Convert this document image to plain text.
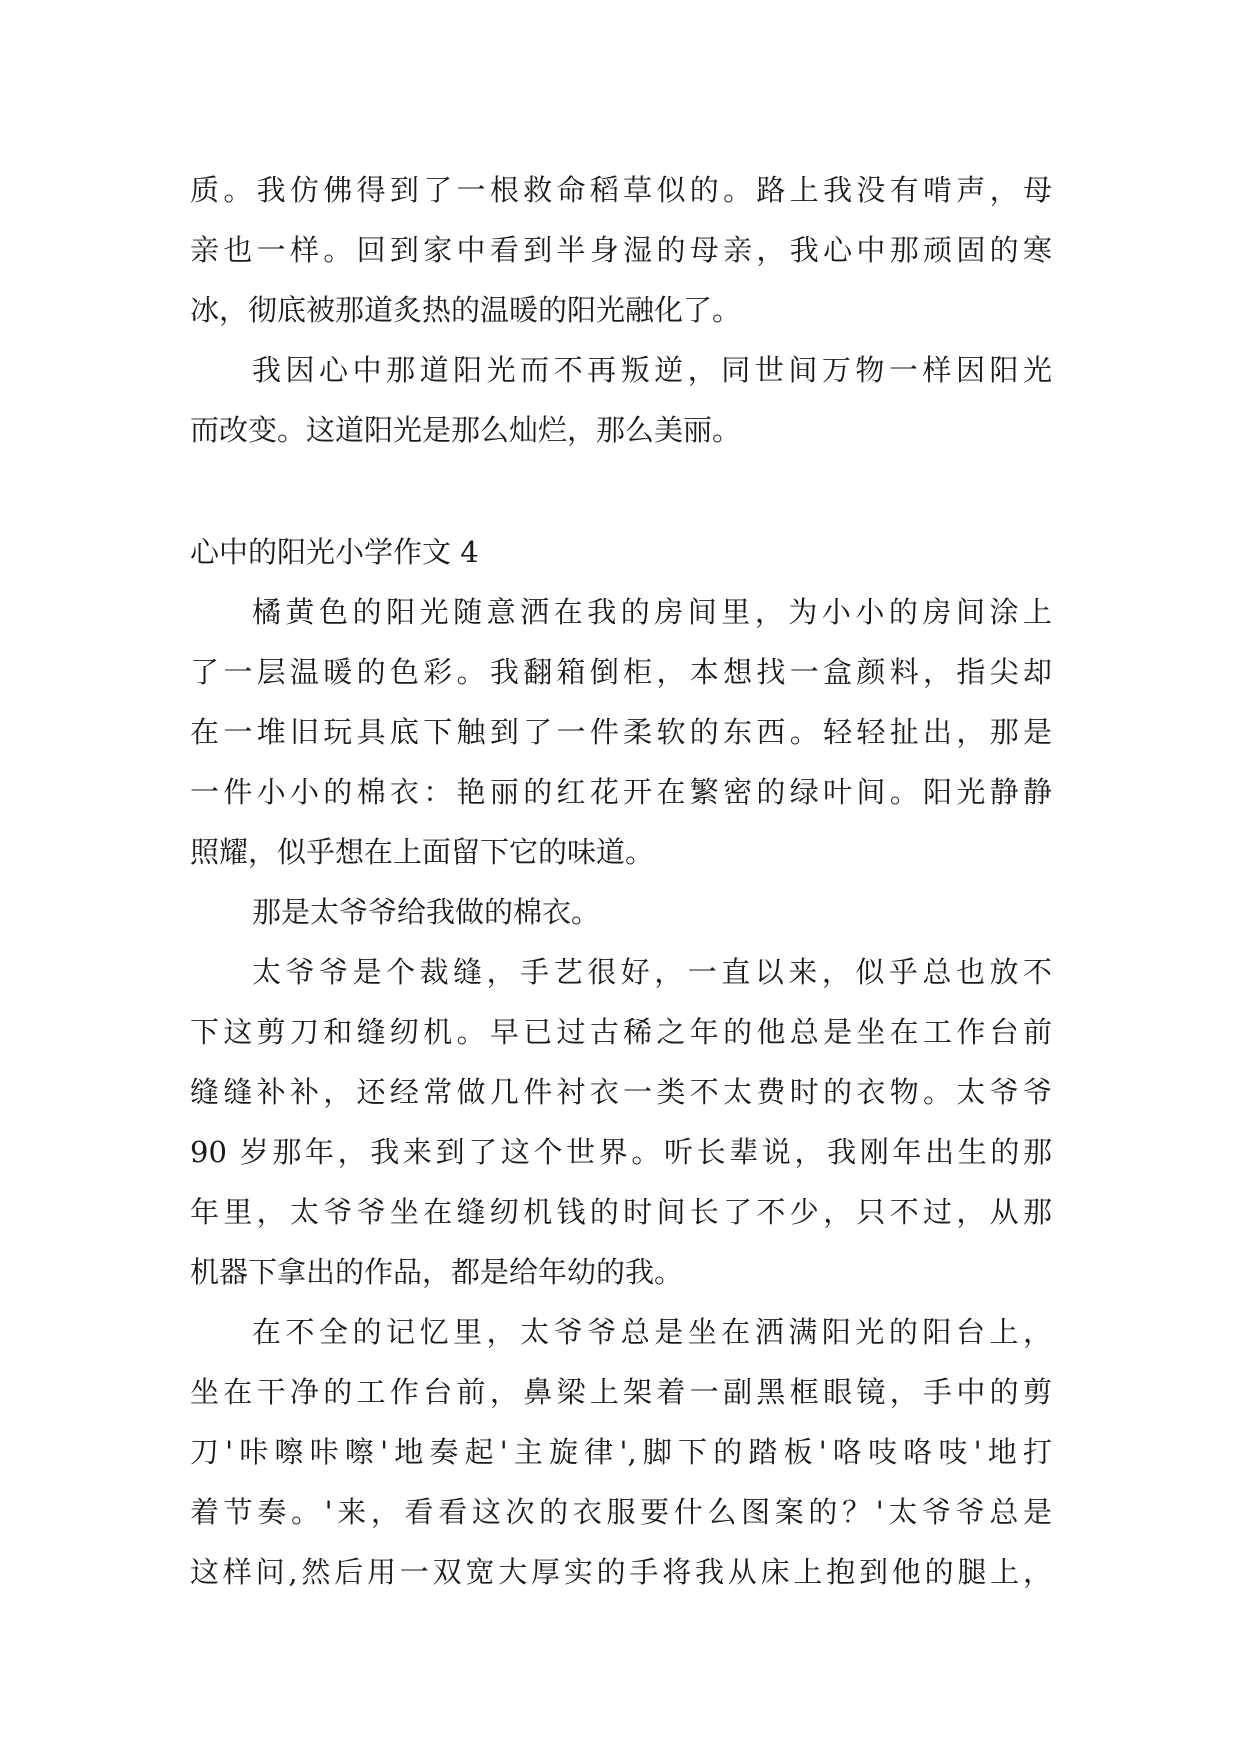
质。我仿佛得到了一根救命稻草似的。路上我没有啃声，母
亲也一样。回到家中看到半身湿的母亲，我心中那顽固的寒
冰，彻底被那道炙热的温暖的阳光融化了。
我因心中那道阳光而不再叛逆，同世间万物一样因阳光
而改变。这道阳光是那么灿烂，那么美丽。
心中的阳光小学作文 4
橘黄色的阳光随意洒在我的房间里，为小小的房间涂上
了一层温暖的色彩。我翻箱倒柜，本想找一盒颜料，指尖却
在一堆旧玩具底下触到了一件柔软的东西。轻轻扯出，那是
一件小小的棉衣：艳丽的红花开在繁密的绿叶间。阳光静静
照耀，似乎想在上面留下它的味道。
那是太爷爷给我做的棉衣。
太爷爷是个裁缝，手艺很好，一直以来，似乎总也放不
下这剪刀和缝纫机。早已过古稀之年的他总是坐在工作台前
缝缝补补，还经常做几件衬衣一类不太费时的衣物。太爷爷
90 岁那年，我来到了这个世界。听长辈说，我刚年出生的那
年里，太爷爷坐在缝纫机钱的时间长了不少，只不过，从那
机器下拿出的作品，都是给年幼的我。
在不全的记忆里，太爷爷总是坐在洒满阳光的阳台上，
坐在干净的工作台前，鼻梁上架着一副黑框眼镜，手中的剪
刀'咔嚓咔嚓'地奏起'主旋律',脚下的踏板'咯吱咯吱'地打
着节奏。'来，看看这次的衣服要什么图案的？'太爷爷总是
这样问,然后用一双宽大厚实的手将我从床上抱到他的腿上，
